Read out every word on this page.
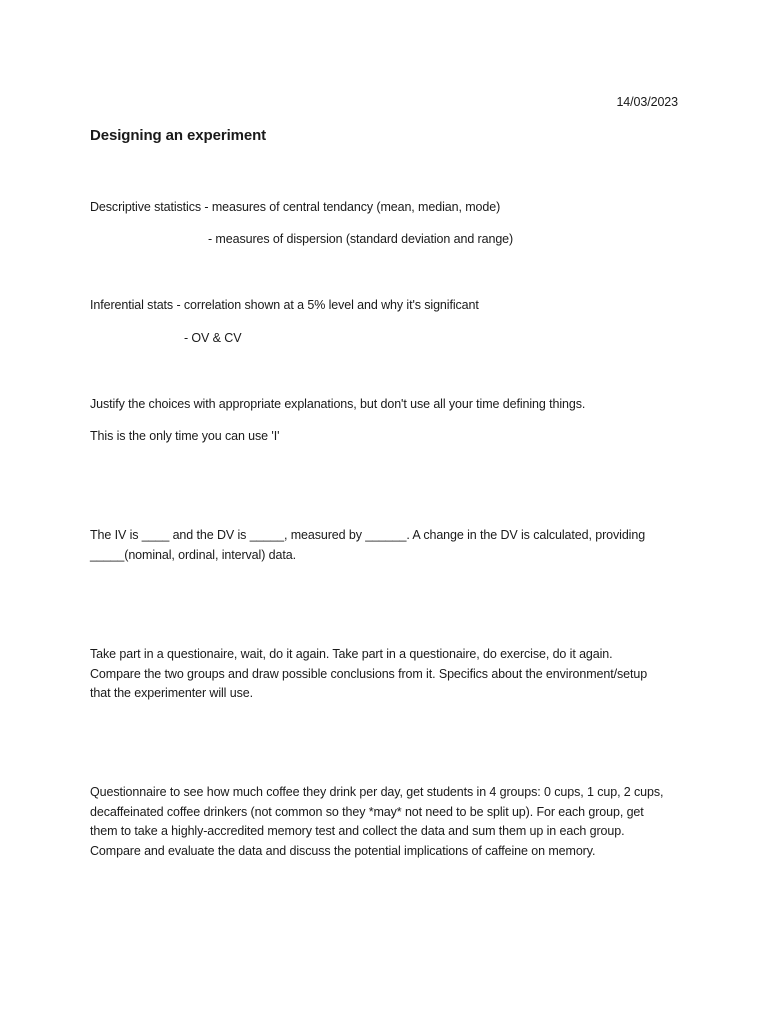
14/03/2023
Designing an experiment
Descriptive statistics - measures of central tendancy (mean, median, mode)
- measures of dispersion (standard deviation and range)
Inferential stats - correlation shown at a 5% level and why it's significant
- OV & CV
Justify the choices with appropriate explanations, but don't use all your time defining things.
This is the only time you can use 'I'
The IV is ____ and the DV is _____, measured by ______. A change in the DV is calculated, providing
_____(nominal, ordinal, interval) data.
Take part in a questionaire, wait, do it again. Take part in a questionaire, do exercise, do it again.
Compare the two groups and draw possible conclusions from it. Specifics about the environment/setup
that the experimenter will use.
Questionnaire to see how much coffee they drink per day, get students in 4 groups: 0 cups, 1 cup, 2 cups,
decaffeinated coffee drinkers (not common so they *may* not need to be split up). For each group, get
them to take a highly-accredited memory test and collect the data and sum them up in each group.
Compare and evaluate the data and discuss the potential implications of caffeine on memory.
